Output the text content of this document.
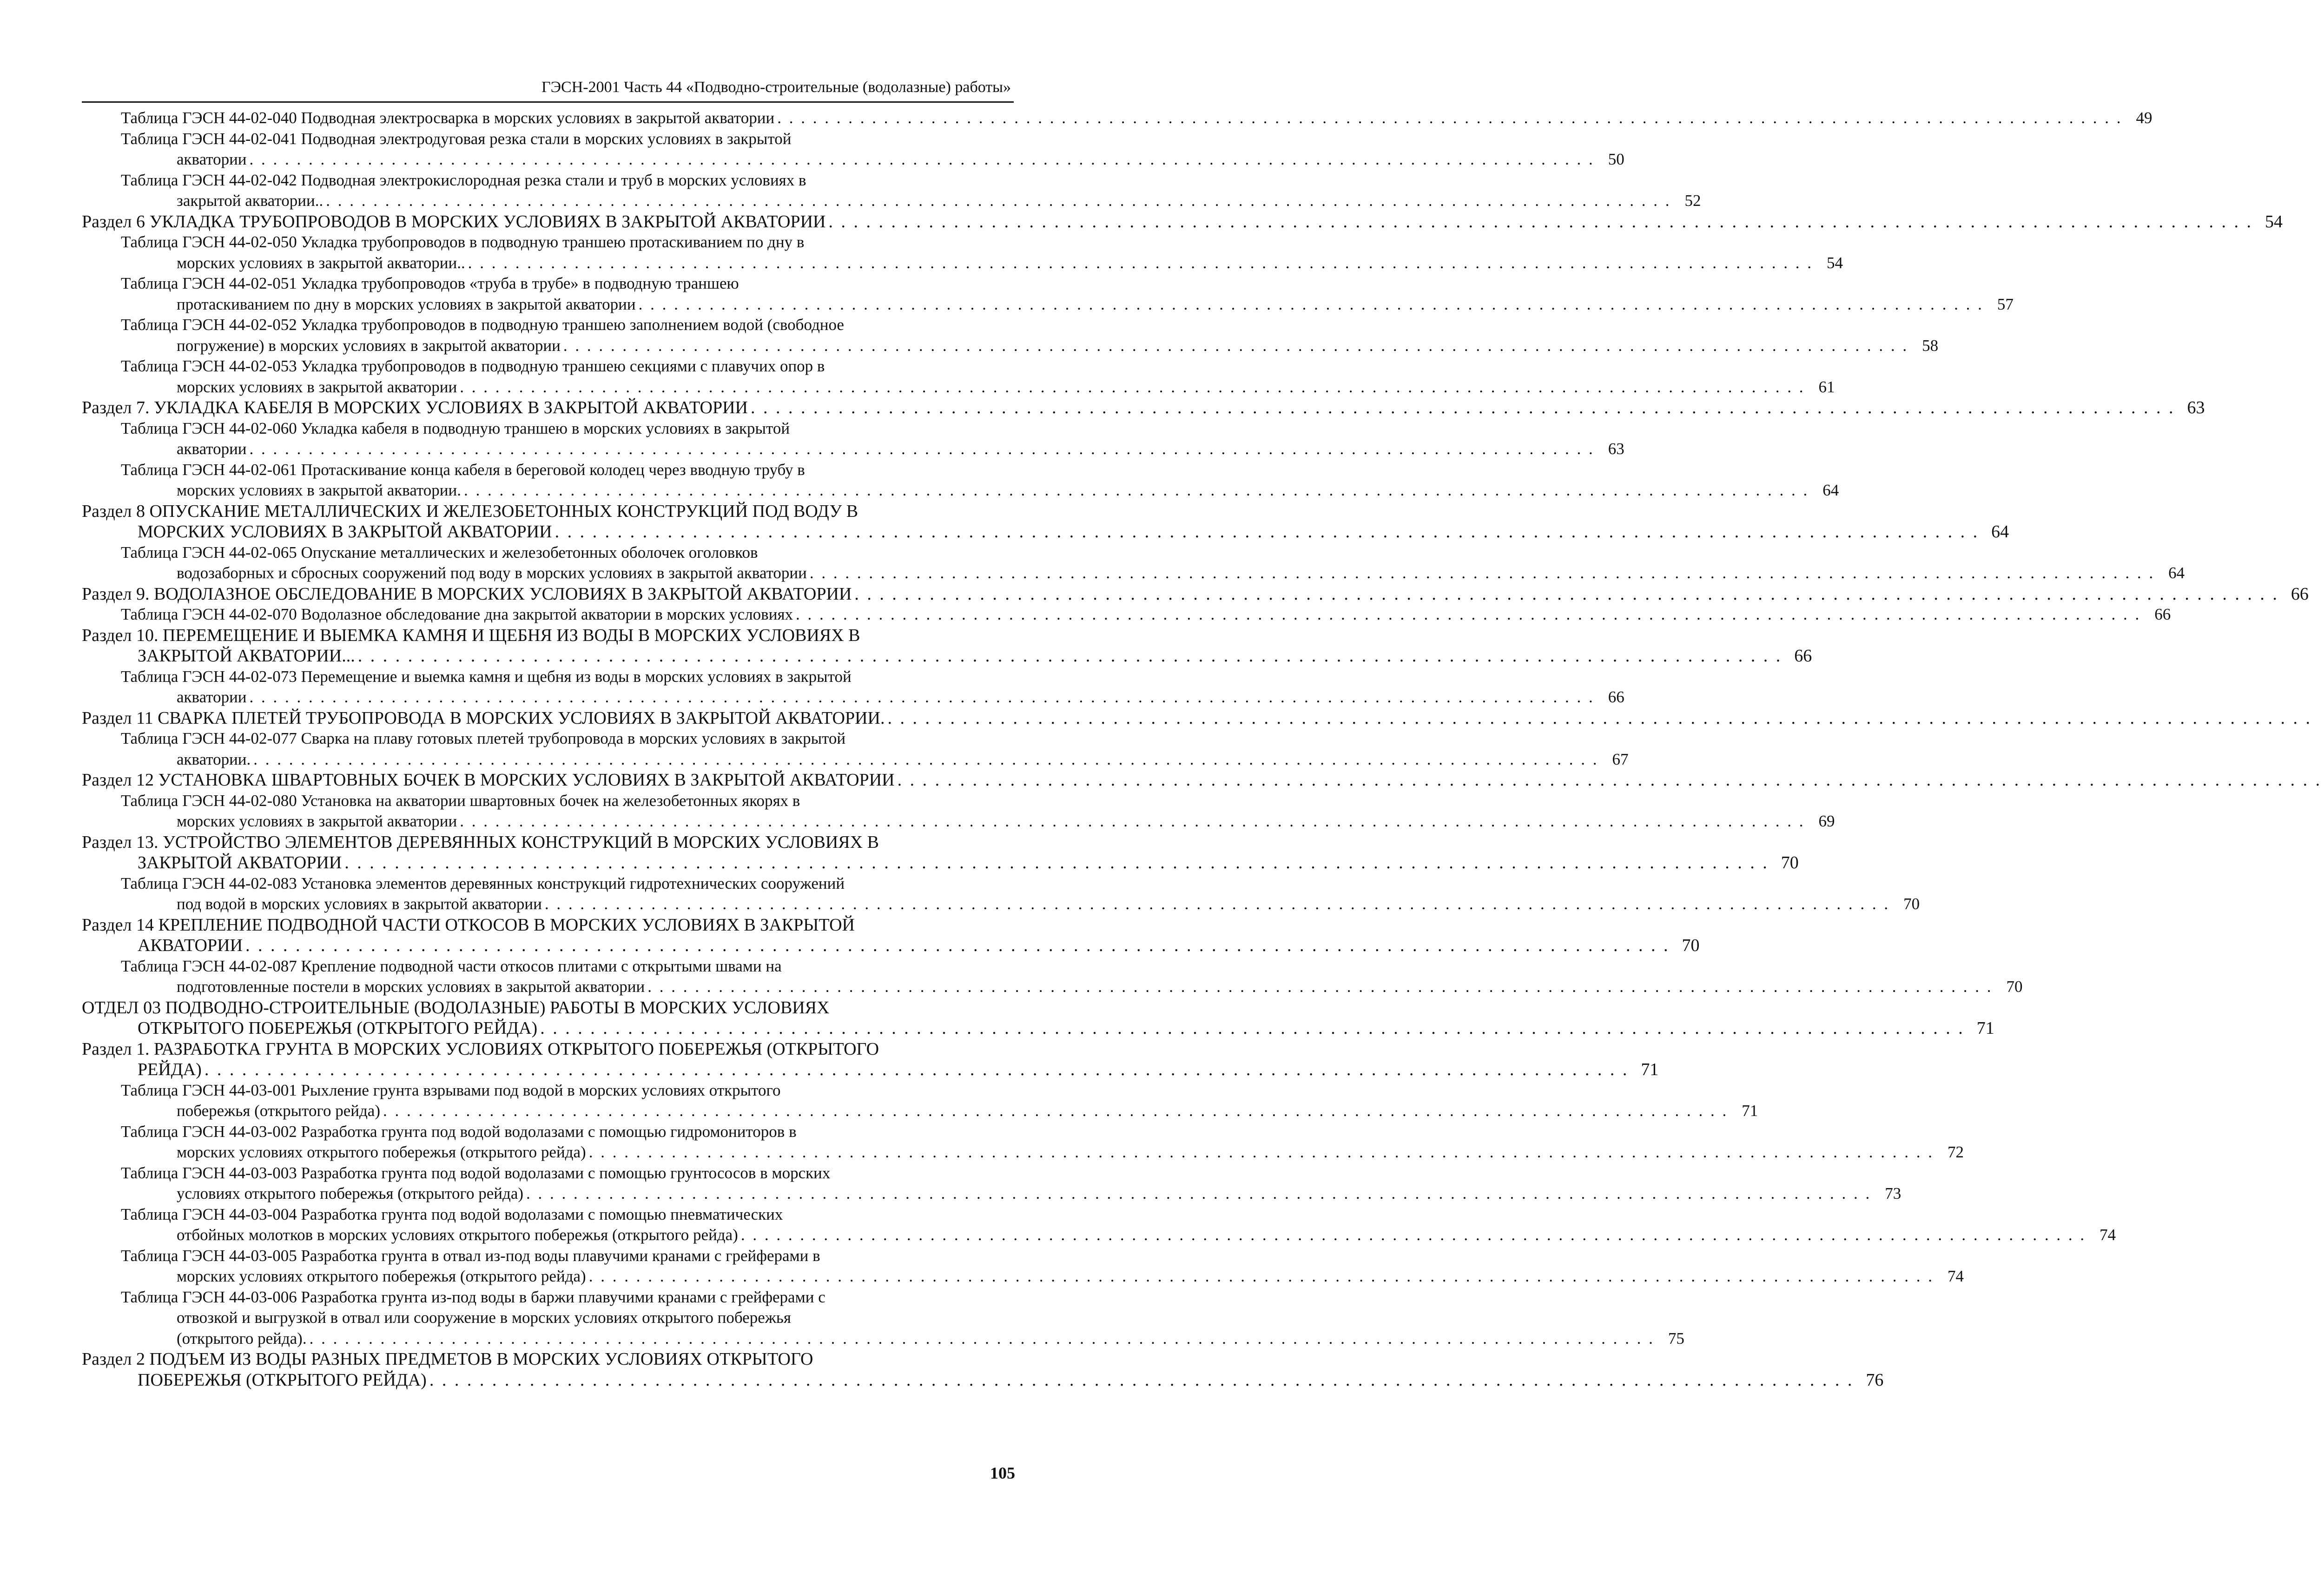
ГЭСН-2001 Часть 44 «Подводно-строительные (водолазные) работы»
Таблица ГЭСН 44-02-040 Подводная электросварка в морских условиях в закрытой акватории . . . . . . . . . . . . . . . . . . . . . . . . . . . . . . . . . . . . . . . . . . . . . . . . . . . . . . . . . . . . . . . . . . . . . . . . . . . . . . . . . . . . . . . . . . . . . . . . . . . . . . . . . . . . . . . . . . 49
Таблица ГЭСН 44-02-041 Подводная электродуговая резка стали в морских условиях в закрытой
акватории . . . . . . . . . . . . . . . . . . . . . . . . . . . . . . . . . . . . . . . . . . . . . . . . . . . . . . . . . . . . . . . . . . . . . . . . . . . . . . . . . . . . . . . . . . . . . . . . . . . . . . . . . . . . . . . . . . 50
Таблица ГЭСН 44-02-042 Подводная электрокислородная резка стали и труб в морских условиях в
закрытой акватории.. . . . . . . . . . . . . . . . . . . . . . . . . . . . . . . . . . . . . . . . . . . . . . . . . . . . . . . . . . . . . . . . . . . . . . . . . . . . . . . . . . . . . . . . . . . . . . . . . . . . . . . . . . . . . . . . . . . 52
Раздел 6 УКЛАДКА ТРУБОПРОВОДОВ В МОРСКИХ УСЛОВИЯХ В ЗАКРЫТОЙ АКВАТОРИИ . . . . . . . . . . . . . . . . . . . . . . . . . . . . . . . . . . . . . . . . . . . . . . . . . . . . . . . . . . . . . . . . . . . . . . . . . . . . . . . . . . . . . . . . . . . . . . . . . . . . . . . . . . . . . . . . . . 54
Таблица ГЭСН 44-02-050 Укладка трубопроводов в подводную траншею протаскиванием по дну в
морских условиях в закрытой акватории.. . . . . . . . . . . . . . . . . . . . . . . . . . . . . . . . . . . . . . . . . . . . . . . . . . . . . . . . . . . . . . . . . . . . . . . . . . . . . . . . . . . . . . . . . . . . . . . . . . . . . . . . . . . . . . . . . . . 54
Таблица ГЭСН 44-02-051 Укладка трубопроводов «труба в трубе» в подводную траншею
протаскиванием по дну в морских условиях в закрытой акватории . . . . . . . . . . . . . . . . . . . . . . . . . . . . . . . . . . . . . . . . . . . . . . . . . . . . . . . . . . . . . . . . . . . . . . . . . . . . . . . . . . . . . . . . . . . . . . . . . . . . . . . . . . . . . . . . . . 57
Таблица ГЭСН 44-02-052 Укладка трубопроводов в подводную траншею заполнением водой (свободное
погружение) в морских условиях в закрытой акватории . . . . . . . . . . . . . . . . . . . . . . . . . . . . . . . . . . . . . . . . . . . . . . . . . . . . . . . . . . . . . . . . . . . . . . . . . . . . . . . . . . . . . . . . . . . . . . . . . . . . . . . . . . . . . . . . . . 58
Таблица ГЭСН 44-02-053 Укладка трубопроводов в подводную траншею секциями с плавучих опор в
морских условиях в закрытой акватории . . . . . . . . . . . . . . . . . . . . . . . . . . . . . . . . . . . . . . . . . . . . . . . . . . . . . . . . . . . . . . . . . . . . . . . . . . . . . . . . . . . . . . . . . . . . . . . . . . . . . . . . . . . . . . . . . . 61
Раздел 7. УКЛАДКА КАБЕЛЯ В МОРСКИХ УСЛОВИЯХ В ЗАКРЫТОЙ АКВАТОРИИ . . . . . . . . . . . . . . . . . . . . . . . . . . . . . . . . . . . . . . . . . . . . . . . . . . . . . . . . . . . . . . . . . . . . . . . . . . . . . . . . . . . . . . . . . . . . . . . . . . . . . . . . . . . . . . . . . . 63
Таблица ГЭСН 44-02-060 Укладка кабеля в подводную траншею в морских условиях в закрытой
акватории . . . . . . . . . . . . . . . . . . . . . . . . . . . . . . . . . . . . . . . . . . . . . . . . . . . . . . . . . . . . . . . . . . . . . . . . . . . . . . . . . . . . . . . . . . . . . . . . . . . . . . . . . . . . . . . . . . 63
Таблица ГЭСН 44-02-061 Протаскивание конца кабеля в береговой колодец через вводную трубу в
морских условиях в закрытой акватории. . . . . . . . . . . . . . . . . . . . . . . . . . . . . . . . . . . . . . . . . . . . . . . . . . . . . . . . . . . . . . . . . . . . . . . . . . . . . . . . . . . . . . . . . . . . . . . . . . . . . . . . . . . . . . . . . . . 64
Раздел 8 ОПУСКАНИЕ МЕТАЛЛИЧЕСКИХ И ЖЕЛЕЗОБЕТОННЫХ КОНСТРУКЦИЙ ПОД ВОДУ В
МОРСКИХ УСЛОВИЯХ В ЗАКРЫТОЙ АКВАТОРИИ . . . . . . . . . . . . . . . . . . . . . . . . . . . . . . . . . . . . . . . . . . . . . . . . . . . . . . . . . . . . . . . . . . . . . . . . . . . . . . . . . . . . . . . . . . . . . . . . . . . . . . . . . . . . . . . . . . 64
Таблица ГЭСН 44-02-065 Опускание металлических и железобетонных оболочек оголовков
водозаборных и сбросных сооружений под воду в морских условиях в закрытой акватории . . . . . . . . . . . . . . . . . . . . . . . . . . . . . . . . . . . . . . . . . . . . . . . . . . . . . . . . . . . . . . . . . . . . . . . . . . . . . . . . . . . . . . . . . . . . . . . . . . . . . . . . . . . . . . . . . . 64
Раздел 9. ВОДОЛАЗНОЕ ОБСЛЕДОВАНИЕ В МОРСКИХ УСЛОВИЯХ В ЗАКРЫТОЙ АКВАТОРИИ . . . . . . . . . . . . . . . . . . . . . . . . . . . . . . . . . . . . . . . . . . . . . . . . . . . . . . . . . . . . . . . . . . . . . . . . . . . . . . . . . . . . . . . . . . . . . . . . . . . . . . . . . . . . . . . . . . 66
Таблица ГЭСН 44-02-070 Водолазное обследование дна закрытой акватории в морских условиях . . . . . . . . . . . . . . . . . . . . . . . . . . . . . . . . . . . . . . . . . . . . . . . . . . . . . . . . . . . . . . . . . . . . . . . . . . . . . . . . . . . . . . . . . . . . . . . . . . . . . . . . . . . . . . . . . . 66
Раздел 10. ПЕРЕМЕЩЕНИЕ И ВЫЕМКА КАМНЯ И ЩЕБНЯ ИЗ ВОДЫ В МОРСКИХ УСЛОВИЯХ В
ЗАКРЫТОЙ АКВАТОРИИ... . . . . . . . . . . . . . . . . . . . . . . . . . . . . . . . . . . . . . . . . . . . . . . . . . . . . . . . . . . . . . . . . . . . . . . . . . . . . . . . . . . . . . . . . . . . . . . . . . . . . . . . . . . . . . . . . . . 66
Таблица ГЭСН 44-02-073 Перемещение и выемка камня и щебня из воды в морских условиях в закрытой
акватории . . . . . . . . . . . . . . . . . . . . . . . . . . . . . . . . . . . . . . . . . . . . . . . . . . . . . . . . . . . . . . . . . . . . . . . . . . . . . . . . . . . . . . . . . . . . . . . . . . . . . . . . . . . . . . . . . . 66
Раздел 11 СВАРКА ПЛЕТЕЙ ТРУБОПРОВОДА В МОРСКИХ УСЛОВИЯХ В ЗАКРЫТОЙ АКВАТОРИИ. . . . . . . . . . . . . . . . . . . . . . . . . . . . . . . . . . . . . . . . . . . . . . . . . . . . . . . . . . . . . . . . . . . . . . . . . . . . . . . . . . . . . . . . . . . . . . . . . . . . . . . . . . . . . . . . . . .
Таблица ГЭСН 44-02-077 Сварка на плаву готовых плетей трубопровода в морских условиях в закрытой
акватории. . . . . . . . . . . . . . . . . . . . . . . . . . . . . . . . . . . . . . . . . . . . . . . . . . . . . . . . . . . . . . . . . . . . . . . . . . . . . . . . . . . . . . . . . . . . . . . . . . . . . . . . . . . . . . . . . . . 67
Раздел 12 УСТАНОВКА ШВАРТОВНЫХ БОЧЕК В МОРСКИХ УСЛОВИЯХ В ЗАКРЫТОЙ АКВАТОРИИ . . . . . . . . . . . . . . . . . . . . . . . . . . . . . . . . . . . . . . . . . . . . . . . . . . . . . . . . . . . . . . . . . . . . . . . . . . . . . . . . . . . . . . . . . . . . . . . . . . . . . . . . . . . . . . . . . .
Таблица ГЭСН 44-02-080 Установка на акватории швартовных бочек на железобетонных якорях в
морских условиях в закрытой акватории . . . . . . . . . . . . . . . . . . . . . . . . . . . . . . . . . . . . . . . . . . . . . . . . . . . . . . . . . . . . . . . . . . . . . . . . . . . . . . . . . . . . . . . . . . . . . . . . . . . . . . . . . . . . . . . . . . 69
Раздел 13. УСТРОЙСТВО ЭЛЕМЕНТОВ ДЕРЕВЯННЫХ КОНСТРУКЦИЙ В МОРСКИХ УСЛОВИЯХ В
ЗАКРЫТОЙ АКВАТОРИИ . . . . . . . . . . . . . . . . . . . . . . . . . . . . . . . . . . . . . . . . . . . . . . . . . . . . . . . . . . . . . . . . . . . . . . . . . . . . . . . . . . . . . . . . . . . . . . . . . . . . . . . . . . . . . . . . . . 70
Таблица ГЭСН 44-02-083 Установка элементов деревянных конструкций гидротехнических сооружений
под водой в морских условиях в закрытой акватории . . . . . . . . . . . . . . . . . . . . . . . . . . . . . . . . . . . . . . . . . . . . . . . . . . . . . . . . . . . . . . . . . . . . . . . . . . . . . . . . . . . . . . . . . . . . . . . . . . . . . . . . . . . . . . . . . . 70
Раздел 14 КРЕПЛЕНИЕ ПОДВОДНОЙ ЧАСТИ ОТКОСОВ В МОРСКИХ УСЛОВИЯХ В ЗАКРЫТОЙ
АКВАТОРИИ . . . . . . . . . . . . . . . . . . . . . . . . . . . . . . . . . . . . . . . . . . . . . . . . . . . . . . . . . . . . . . . . . . . . . . . . . . . . . . . . . . . . . . . . . . . . . . . . . . . . . . . . . . . . . . . . . . 70
Таблица ГЭСН 44-02-087 Крепление подводной части откосов плитами с открытыми швами на
подготовленные постели в морских условиях в закрытой акватории . . . . . . . . . . . . . . . . . . . . . . . . . . . . . . . . . . . . . . . . . . . . . . . . . . . . . . . . . . . . . . . . . . . . . . . . . . . . . . . . . . . . . . . . . . . . . . . . . . . . . . . . . . . . . . . . . . 70
ОТДЕЛ 03 ПОДВОДНО-СТРОИТЕЛЬНЫЕ (ВОДОЛАЗНЫЕ) РАБОТЫ В МОРСКИХ УСЛОВИЯХ
ОТКРЫТОГО ПОБЕРЕЖЬЯ (ОТКРЫТОГО РЕЙДА) . . . . . . . . . . . . . . . . . . . . . . . . . . . . . . . . . . . . . . . . . . . . . . . . . . . . . . . . . . . . . . . . . . . . . . . . . . . . . . . . . . . . . . . . . . . . . . . . . . . . . . . . . . . . . . . . . . 71
Раздел 1. РАЗРАБОТКА ГРУНТА В МОРСКИХ УСЛОВИЯХ ОТКРЫТОГО ПОБЕРЕЖЬЯ (ОТКРЫТОГО
РЕЙДА) . . . . . . . . . . . . . . . . . . . . . . . . . . . . . . . . . . . . . . . . . . . . . . . . . . . . . . . . . . . . . . . . . . . . . . . . . . . . . . . . . . . . . . . . . . . . . . . . . . . . . . . . . . . . . . . . . . 71
Таблица ГЭСН 44-03-001 Рыхление грунта взрывами под водой в морских условиях открытого
побережья (открытого рейда) . . . . . . . . . . . . . . . . . . . . . . . . . . . . . . . . . . . . . . . . . . . . . . . . . . . . . . . . . . . . . . . . . . . . . . . . . . . . . . . . . . . . . . . . . . . . . . . . . . . . . . . . . . . . . . . . . . 71
Таблица ГЭСН 44-03-002 Разработка грунта под водой водолазами с помощью гидромониторов в
морских условиях открытого побережья (открытого рейда) . . . . . . . . . . . . . . . . . . . . . . . . . . . . . . . . . . . . . . . . . . . . . . . . . . . . . . . . . . . . . . . . . . . . . . . . . . . . . . . . . . . . . . . . . . . . . . . . . . . . . . . . . . . . . . . . . . 72
Таблица ГЭСН 44-03-003 Разработка грунта под водой водолазами с помощью грунтососов в морских
условиях открытого побережья (открытого рейда) . . . . . . . . . . . . . . . . . . . . . . . . . . . . . . . . . . . . . . . . . . . . . . . . . . . . . . . . . . . . . . . . . . . . . . . . . . . . . . . . . . . . . . . . . . . . . . . . . . . . . . . . . . . . . . . . . . 73
Таблица ГЭСН 44-03-004 Разработка грунта под водой водолазами с помощью пневматических
отбойных молотков в морских условиях открытого побережья (открытого рейда) . . . . . . . . . . . . . . . . . . . . . . . . . . . . . . . . . . . . . . . . . . . . . . . . . . . . . . . . . . . . . . . . . . . . . . . . . . . . . . . . . . . . . . . . . . . . . . . . . . . . . . . . . . . . . . . . . . 74
Таблица ГЭСН 44-03-005 Разработка грунта в отвал из-под воды плавучими кранами с грейферами в
морских условиях открытого побережья (открытого рейда) . . . . . . . . . . . . . . . . . . . . . . . . . . . . . . . . . . . . . . . . . . . . . . . . . . . . . . . . . . . . . . . . . . . . . . . . . . . . . . . . . . . . . . . . . . . . . . . . . . . . . . . . . . . . . . . . . . 74
Таблица ГЭСН 44-03-006 Разработка грунта из-под воды в баржи плавучими кранами с грейферами с
отвозкой и выгрузкой в отвал или сооружение в морских условиях открытого побережья
(открытого рейда). . . . . . . . . . . . . . . . . . . . . . . . . . . . . . . . . . . . . . . . . . . . . . . . . . . . . . . . . . . . . . . . . . . . . . . . . . . . . . . . . . . . . . . . . . . . . . . . . . . . . . . . . . . . . . . . . . . 75
Раздел 2 ПОДЪЕМ ИЗ ВОДЫ РАЗНЫХ ПРЕДМЕТОВ В МОРСКИХ УСЛОВИЯХ ОТКРЫТОГО
ПОБЕРЕЖЬЯ (ОТКРЫТОГО РЕЙДА) . . . . . . . . . . . . . . . . . . . . . . . . . . . . . . . . . . . . . . . . . . . . . . . . . . . . . . . . . . . . . . . . . . . . . . . . . . . . . . . . . . . . . . . . . . . . . . . . . . . . . . . . . . . . . . . . . . 76
105
